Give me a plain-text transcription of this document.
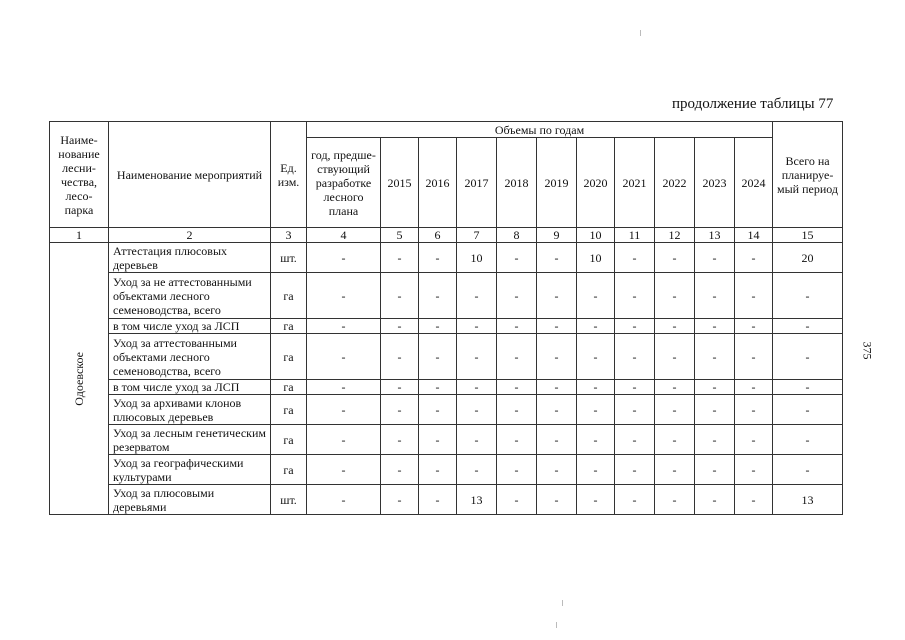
продолжение таблицы 77
375
Наиме-нование лесни-чества, лесо-парка	Наименование мероприятий	Ед. изм.	Объемы по годам											Всего на планируе-мый период
			год, предше-ствующий разработке лесного плана	2015	2016	2017	2018	2019	2020	2021	2022	2023	2024	
1	2	3	4	5	6	7	8	9	10	11	12	13	14	15

Одоевское	Аттестация плюсовых деревьев	шт.	-	-	-	10	-	-	10	-	-	-	-	20
	Уход за не аттестованными объектами лесного семеноводства, всего	га	-	-	-	-	-	-	-	-	-	-	-	-
	в том числе уход за ЛСП	га	-	-	-	-	-	-	-	-	-	-	-	-
	Уход за аттестованными объектами лесного семеноводства, всего	га	-	-	-	-	-	-	-	-	-	-	-	-
	в том числе уход за ЛСП	га	-	-	-	-	-	-	-	-	-	-	-	-
	Уход за архивами клонов плюсовых деревьев	га	-	-	-	-	-	-	-	-	-	-	-	-
	Уход за лесным генетическим резерватом	га	-	-	-	-	-	-	-	-	-	-	-	-
	Уход за географическими культурами	га	-	-	-	-	-	-	-	-	-	-	-	-
	Уход за плюсовыми деревьями	шт.	-	-	-	13	-	-	-	-	-	-	-	13
